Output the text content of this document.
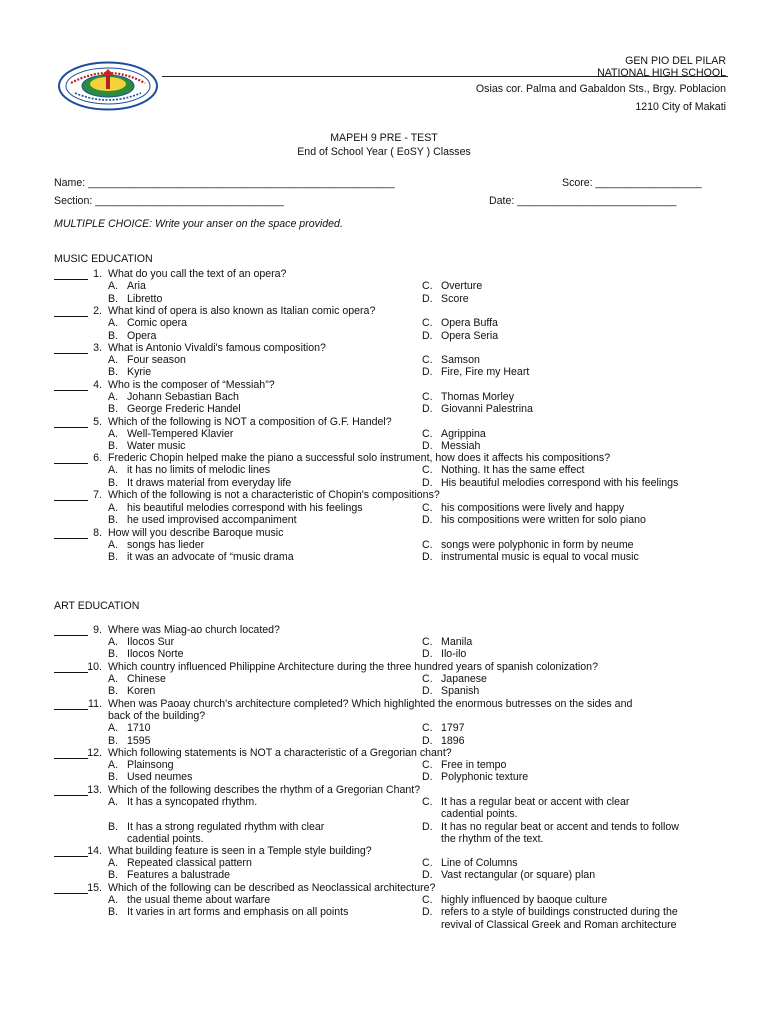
GEN PIO DEL PILAR
NATIONAL HIGH SCHOOL
Osias cor. Palma and Gabaldon Sts., Brgy. Poblacion
1210 City of Makati
MAPEH 9 PRE - TEST
End of School Year ( EoSY ) Classes
Name: ____________________________________________________	Score: __________________
Section: ________________________________	Date: ___________________________
MULTIPLE CHOICE: Write your anser on the space provided.
MUSIC EDUCATION
1. What do you call the text of an opera?
A. Aria	C. Overture
B. Libretto	D. Score
2. What kind of opera is also known as Italian comic opera?
A. Comic opera	C. Opera Buffa
B. Opera	D. Opera Seria
3. What is Antonio Vivaldi's famous composition?
A. Four season	C. Samson
B. Kyrie	D. Fire, Fire my Heart
4. Who is the composer of “Messiah”?
A. Johann Sebastian Bach	C. Thomas Morley
B. George Frederic Handel	D. Giovanni Palestrina
5. Which of the following is NOT a composition of G.F. Handel?
A. Well-Tempered Klavier	C. Agrippina
B. Water music	D. Messiah
6. Frederic Chopin helped make the piano a successful solo instrument, how does it affects his compositions?
A. it has no limits of melodic lines	C. Nothing. It has the same effect
B. It draws material from everyday life	D. His beautiful melodies correspond with his feelings
7. Which of the following is not a characteristic of Chopin's compositions?
A. his beautiful melodies correspond with his feelings	C. his compositions were lively and happy
B. he used improvised accompaniment	D. his compositions were written for solo piano
8. How will you describe Baroque music
A. songs has lieder	C. songs were polyphonic in form by neume
B. it was an advocate of “music drama	D. instrumental music is equal to vocal music
ART EDUCATION
9. Where was Miag-ao church located?
A. Ilocos Sur	C. Manila
B. Ilocos Norte	D. Ilo-ilo
10. Which country influenced Philippine Architecture during the three hundred years of spanish colonization?
A. Chinese	C. Japanese
B. Koren	D. Spanish
11. When was Paoay church's architecture completed? Which highlighted the enormous butresses on the sides and
back of the building?
A. 1710	C. 1797
B. 1595	D. 1896
12. Which following statements is NOT a characteristic of a Gregorian chant?
A. Plainsong	C. Free in tempo
B. Used neumes	D. Polyphonic texture
13. Which of the following describes the rhythm of a Gregorian Chant?
A. It has a syncopated rhythm.	C. It has a regular beat or accent with clear
cadential points.
B. It has a strong regulated rhythm with clear	D. It has no regular beat or accent and tends to follow
cadential points.	the rhythm of the text.
14. What building feature is seen in a Temple style building?
A. Repeated classical pattern	C. Line of Columns
B. Features a balustrade	D. Vast rectangular (or square) plan
15. Which of the following can be described as Neoclassical architecture?
A. the usual theme about warfare	C. highly influenced by baoque culture
B. It varies in art forms and emphasis on all points	D. refers to a style of buildings constructed during the
revival of Classical Greek and Roman architecture
